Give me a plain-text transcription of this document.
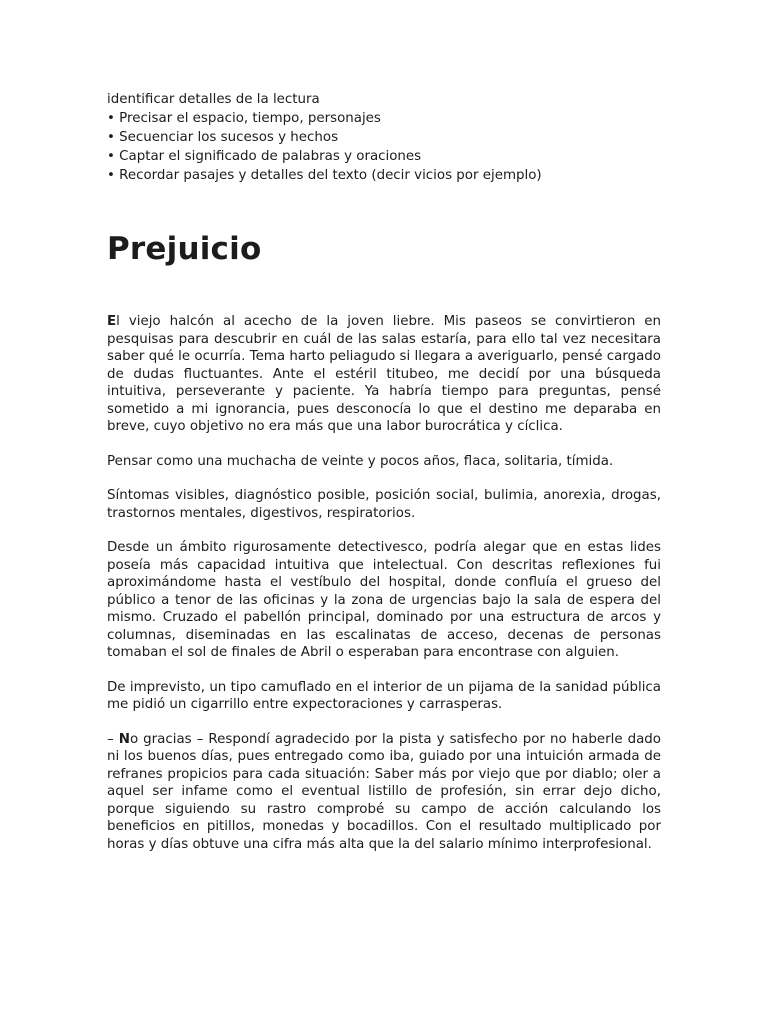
identificar detalles de la lectura
• Precisar el espacio, tiempo, personajes
• Secuenciar los sucesos y hechos
• Captar el significado de palabras y oraciones
• Recordar pasajes y detalles del texto (decir vicios por ejemplo)
Prejuicio

El viejo halcón al acecho de la joven liebre. Mis paseos se convirtieron en pesquisas para descubrir en cuál de las salas estaría, para ello tal vez necesitara saber qué le ocurría. Tema harto peliagudo si llegara a averiguarlo, pensé cargado de dudas fluctuantes. Ante el estéril titubeo, me decidí por una búsqueda intuitiva, perseverante y paciente. Ya habría tiempo para preguntas, pensé sometido a mi ignorancia, pues desconocía lo que el destino me deparaba en breve, cuyo objetivo no era más que una labor burocrática y cíclica.

Pensar como una muchacha de veinte y pocos años, flaca, solitaria, tímida.

Síntomas visibles, diagnóstico posible, posición social, bulimia, anorexia, drogas, trastornos mentales, digestivos, respiratorios.

Desde un ámbito rigurosamente detectivesco, podría alegar que en estas lides poseía más capacidad intuitiva que intelectual. Con descritas reflexiones fui aproximándome hasta el vestíbulo del hospital, donde confluía el grueso del público a tenor de las oficinas y la zona de urgencias bajo la sala de espera del mismo. Cruzado el pabellón principal, dominado por una estructura de arcos y columnas, diseminadas en las escalinatas de acceso, decenas de personas tomaban el sol de finales de Abril o esperaban para encontrase con alguien.

De imprevisto, un tipo camuflado en el interior de un pijama de la sanidad pública me pidió un cigarrillo entre expectoraciones y carrasperas.

– No gracias – Respondí agradecido por la pista y satisfecho por no haberle dado ni los buenos días, pues entregado como iba, guiado por una intuición armada de refranes propicios para cada situación: Saber más por viejo que por diablo; oler a aquel ser infame como el eventual listillo de profesión, sin errar dejo dicho, porque siguiendo su rastro comprobé su campo de acción calculando los beneficios en pitillos, monedas y bocadillos. Con el resultado multiplicado por horas y días obtuve una cifra más alta que la del salario mínimo interprofesional.
